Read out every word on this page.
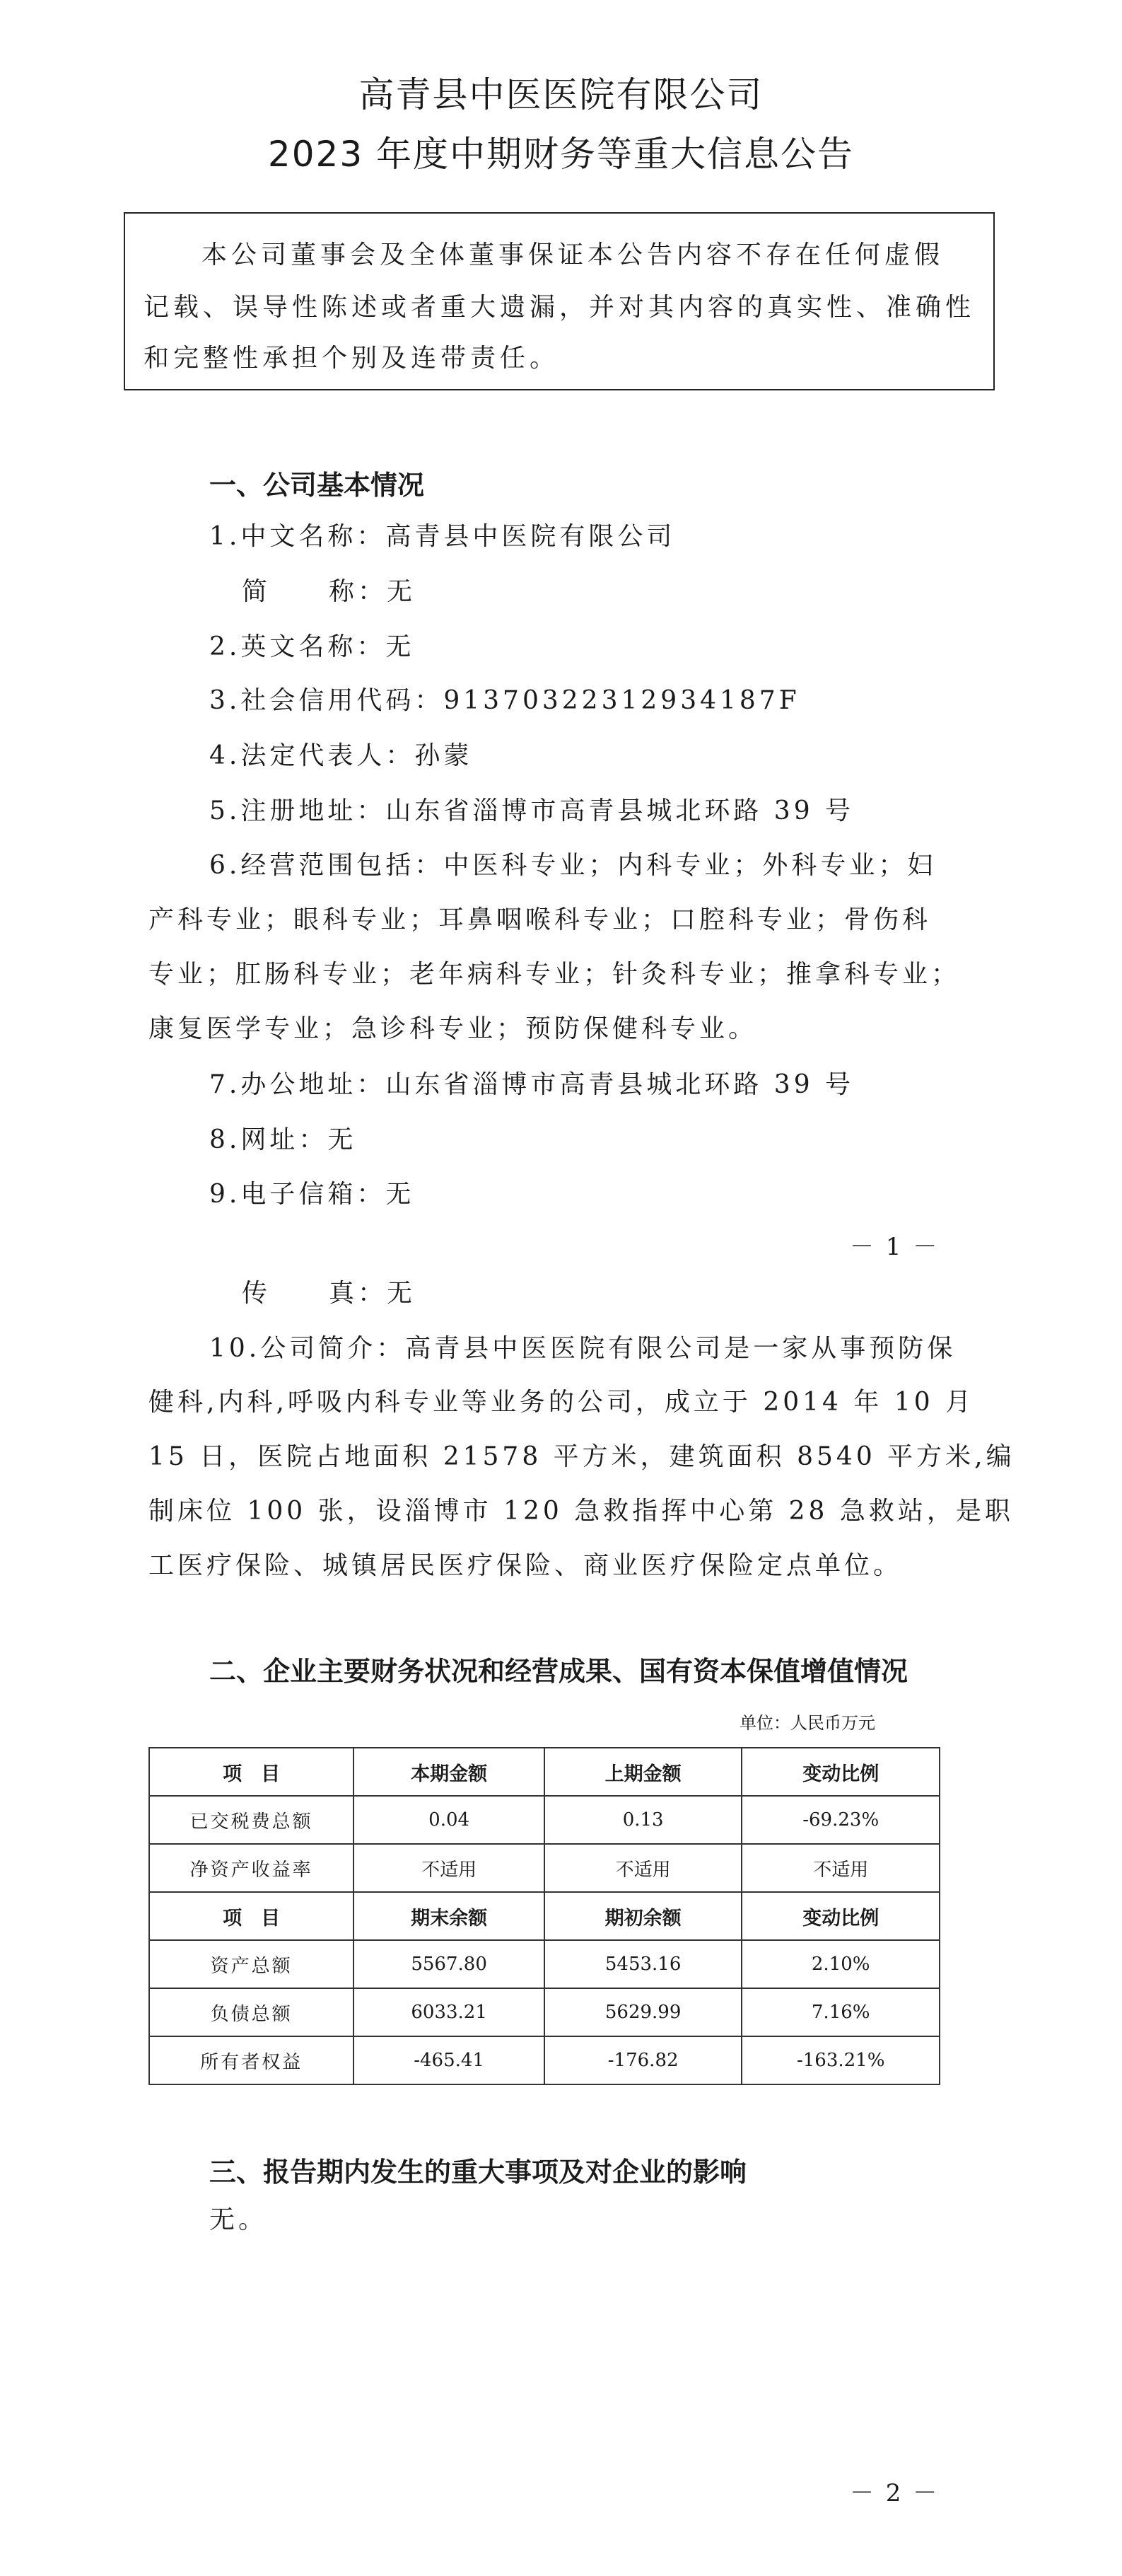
高青县中医医院有限公司
2023 年度中期财务等重大信息公告
本公司董事会及全体董事保证本公告内容不存在任何虚假
记载、误导性陈述或者重大遗漏，并对其内容的真实性、准确性
和完整性承担个别及连带责任。
一、公司基本情况
1.中文名称：高青县中医院有限公司
简　　称：无
2.英文名称：无
3.社会信用代码：91370322312934187F
4.法定代表人：孙蒙
5.注册地址：山东省淄博市高青县城北环路 39 号
6.经营范围包括：中医科专业；内科专业；外科专业；妇
产科专业；眼科专业；耳鼻咽喉科专业；口腔科专业；骨伤科
专业；肛肠科专业；老年病科专业；针灸科专业；推拿科专业；
康复医学专业；急诊科专业；预防保健科专业。
7.办公地址：山东省淄博市高青县城北环路 39 号
8.网址：无
9.电子信箱：无
－ 1 －
传　　真：无
10.公司简介：高青县中医医院有限公司是一家从事预防保
健科,内科,呼吸内科专业等业务的公司，成立于 2014 年 10 月
15 日，医院占地面积 21578 平方米，建筑面积 8540 平方米,编
制床位 100 张，设淄博市 120 急救指挥中心第 28 急救站，是职
工医疗保险、城镇居民医疗保险、商业医疗保险定点单位。
二、企业主要财务状况和经营成果、国有资本保值增值情况
单位：人民币万元
项　目	本期金额	上期金额	变动比例
已交税费总额	0.04	0.13	-69.23%
净资产收益率	不适用	不适用	不适用
项　目	期末余额	期初余额	变动比例
资产总额	5567.80	5453.16	2.10%
负债总额	6033.21	5629.99	7.16%
所有者权益	-465.41	-176.82	-163.21%
三、报告期内发生的重大事项及对企业的影响
无。
－ 2 －
